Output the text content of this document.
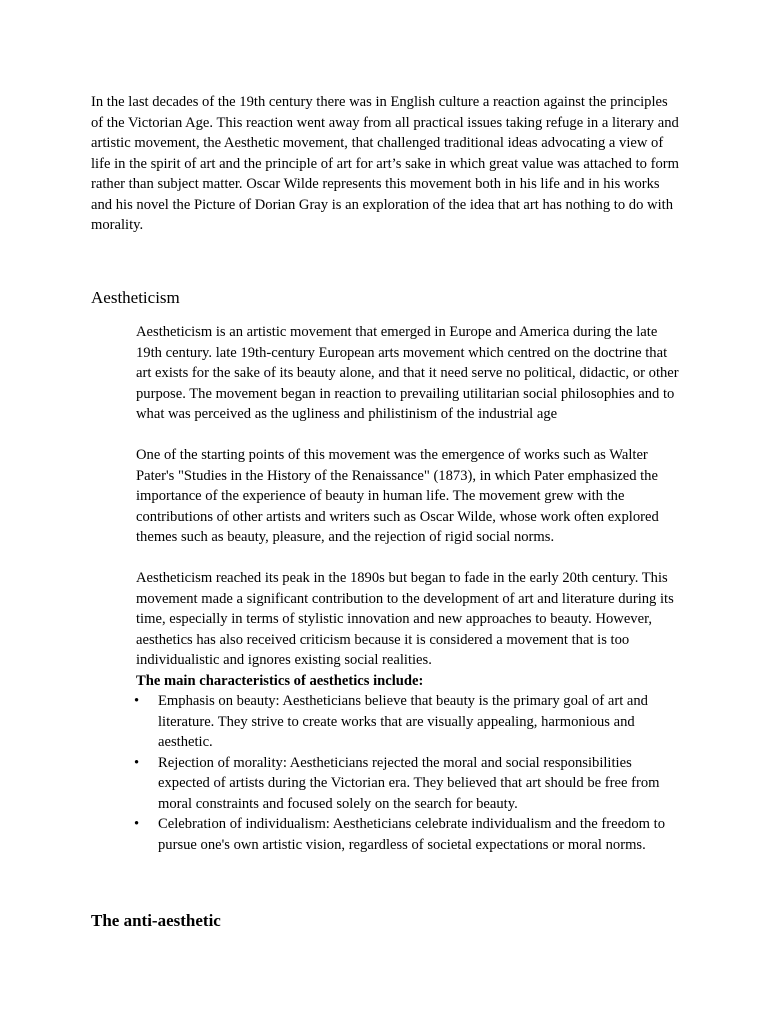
In the last decades of the 19th century there was in English culture a reaction against the principles of the Victorian Age. This reaction went away from all practical issues taking refuge in a literary and artistic movement, the Aesthetic movement, that challenged traditional ideas advocating a view of life in the spirit of art and the principle of art for art’s sake in which great value was attached to form rather than subject matter. Oscar Wilde represents this movement both in his life and in his works and his novel the Picture of Dorian Gray is an exploration of the idea that art has nothing to do with morality.

Aestheticism

Aestheticism is an artistic movement that emerged in Europe and America during the late 19th century. late 19th-century European arts movement which centred on the doctrine that art exists for the sake of its beauty alone, and that it need serve no political, didactic, or other purpose. The movement began in reaction to prevailing utilitarian social philosophies and to what was perceived as the ugliness and philistinism of the industrial age

One of the starting points of this movement was the emergence of works such as Walter Pater's "Studies in the History of the Renaissance" (1873), in which Pater emphasized the importance of the experience of beauty in human life. The movement grew with the contributions of other artists and writers such as Oscar Wilde, whose work often explored themes such as beauty, pleasure, and the rejection of rigid social norms.

Aestheticism reached its peak in the 1890s but began to fade in the early 20th century. This movement made a significant contribution to the development of art and literature during its time, especially in terms of stylistic innovation and new approaches to beauty. However, aesthetics has also received criticism because it is considered a movement that is too individualistic and ignores existing social realities.

The main characteristics of aesthetics include:

•	Emphasis on beauty: Aestheticians believe that beauty is the primary goal of art and literature. They strive to create works that are visually appealing, harmonious and aesthetic.
•	Rejection of morality: Aestheticians rejected the moral and social responsibilities expected of artists during the Victorian era. They believed that art should be free from moral constraints and focused solely on the search for beauty.
•	Celebration of individualism: Aestheticians celebrate individualism and the freedom to pursue one's own artistic vision, regardless of societal expectations or moral norms.
The anti-aesthetic
